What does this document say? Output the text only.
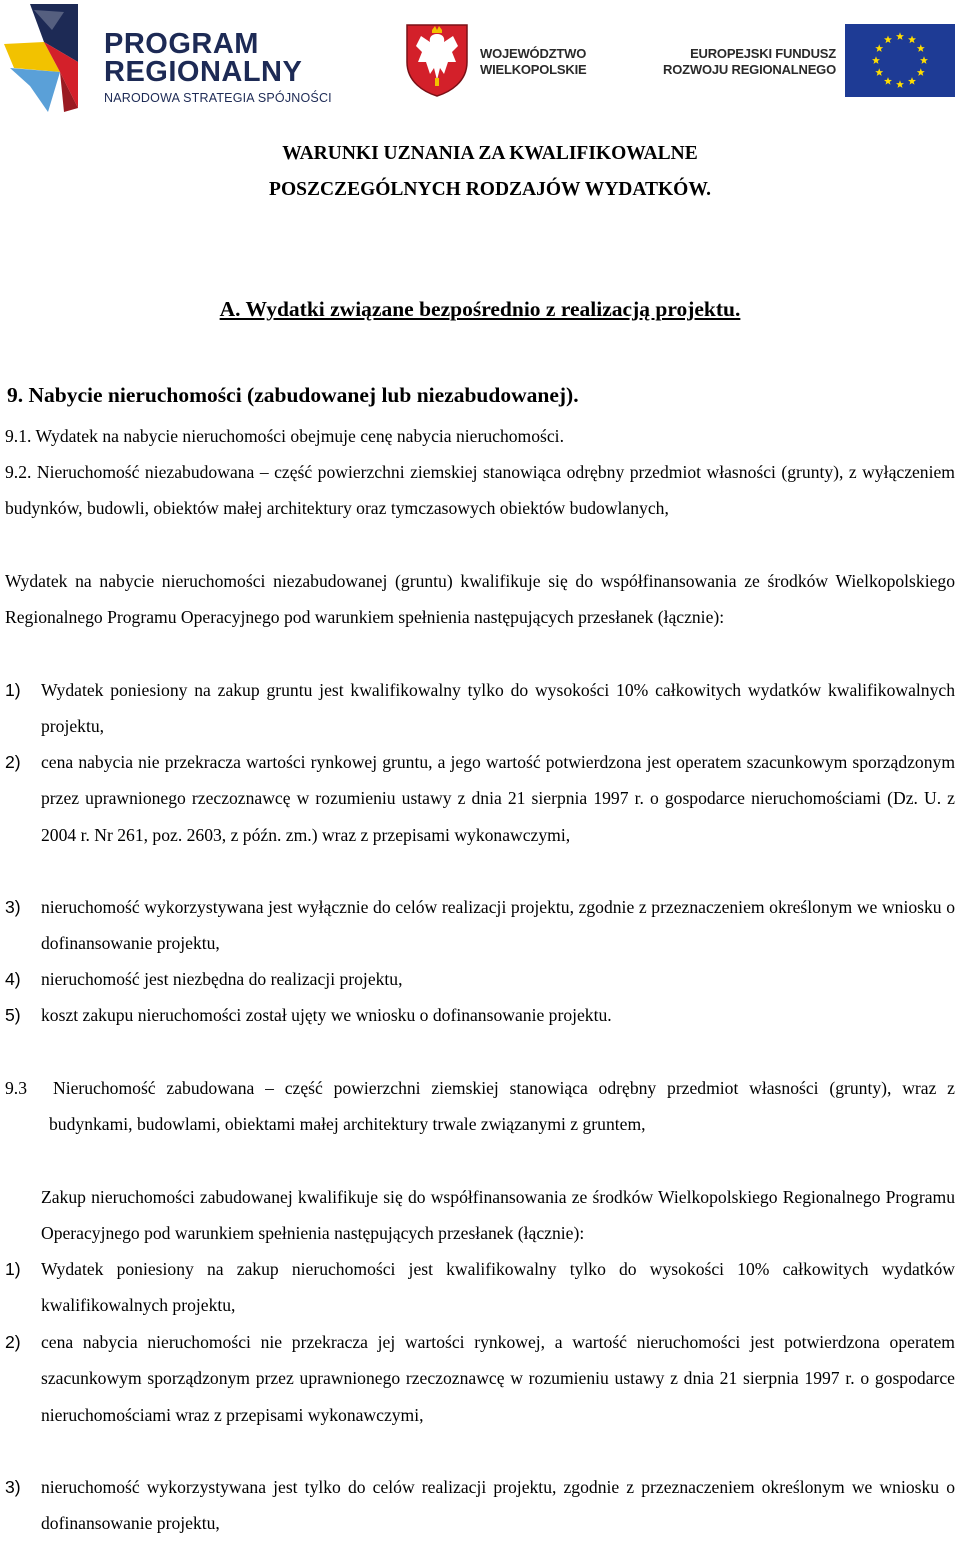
PROGRAM
REGIONALNY
NARODOWA STRATEGIA SPÓJNOŚCI
WOJEWÓDZTWO
WIELKOPOLSKIE
EUROPEJSKI FUNDUSZ
ROZWOJU REGIONALNEGO
WARUNKI UZNANIA ZA KWALIFIKOWALNE
POSZCZEGÓLNYCH RODZAJÓW WYDATKÓW.
A. Wydatki związane bezpośrednio z realizacją projektu.
9. Nabycie nieruchomości (zabudowanej lub niezabudowanej).
9.1. Wydatek na nabycie nieruchomości obejmuje cenę nabycia nieruchomości.
9.2. Nieruchomość niezabudowana – część powierzchni ziemskiej stanowiąca odrębny przedmiot własności (grunty), z wyłączeniem budynków, budowli, obiektów małej architektury oraz tymczasowych obiektów budowlanych,
Wydatek na nabycie nieruchomości niezabudowanej (gruntu) kwalifikuje się do współfinansowania ze środków Wielkopolskiego Regionalnego Programu Operacyjnego pod warunkiem spełnienia następujących przesłanek (łącznie):
1) Wydatek poniesiony na zakup gruntu jest kwalifikowalny tylko do wysokości 10% całkowitych wydatków kwalifikowalnych projektu,
2) cena nabycia nie przekracza wartości rynkowej gruntu, a jego wartość potwierdzona jest operatem szacunkowym sporządzonym przez uprawnionego rzeczoznawcę w rozumieniu ustawy z dnia 21 sierpnia 1997 r. o gospodarce nieruchomościami (Dz. U. z 2004 r. Nr 261, poz. 2603, z późn. zm.) wraz z przepisami wykonawczymi,
3) nieruchomość wykorzystywana jest wyłącznie do celów realizacji projektu, zgodnie z przeznaczeniem określonym we wniosku o dofinansowanie projektu,
4) nieruchomość jest niezbędna do realizacji projektu,
5) koszt zakupu nieruchomości został ujęty we wniosku o dofinansowanie projektu.
9.3 Nieruchomość zabudowana – część powierzchni ziemskiej stanowiąca odrębny przedmiot własności (grunty), wraz z budynkami, budowlami, obiektami małej architektury trwale związanymi z gruntem,
Zakup nieruchomości zabudowanej kwalifikuje się do współfinansowania ze środków Wielkopolskiego Regionalnego Programu Operacyjnego pod warunkiem spełnienia następujących przesłanek (łącznie):
1) Wydatek poniesiony na zakup nieruchomości jest kwalifikowalny tylko do wysokości 10% całkowitych wydatków kwalifikowalnych projektu,
2) cena nabycia nieruchomości nie przekracza jej wartości rynkowej, a wartość nieruchomości jest potwierdzona operatem szacunkowym sporządzonym przez uprawnionego rzeczoznawcę w rozumieniu ustawy z dnia 21 sierpnia 1997 r. o gospodarce nieruchomościami wraz z przepisami wykonawczymi,
3) nieruchomość wykorzystywana jest tylko do celów realizacji projektu, zgodnie z przeznaczeniem określonym we wniosku o dofinansowanie projektu,
